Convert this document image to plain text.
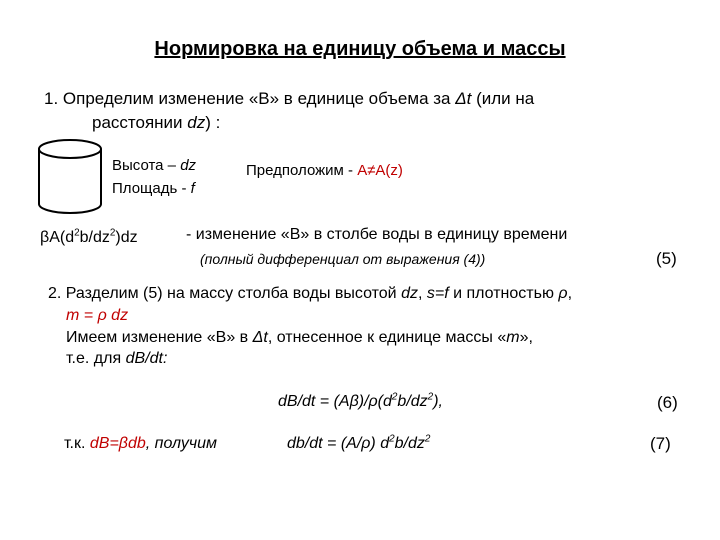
Нормировка на единицу объема и массы
1. Определим изменение «В» в единице объема за Δt (или на
расстоянии dz) :
Высота – dz
Площадь - f
Предположим - A≠A(z)
$\beta A(d^2b/dz^2)dz$	- изменение «В» в столбе воды в единицу времени
(полный дифференциал от выражения (4))	(5)
2. Разделим (5) на массу столба воды высотой dz, s=f и плотностью ρ,
m = ρ dz
Имеем изменение «В» в Δt, отнесенное к единице массы «m»,
т.е. для dB/dt:
$dB/dt = (A\beta)/\rho(d^2b/dz^2)$,	(6)
т.к. dB=βdb, получим	db/dt = (A/ρ) $d^2b/dz^2$	(7)
